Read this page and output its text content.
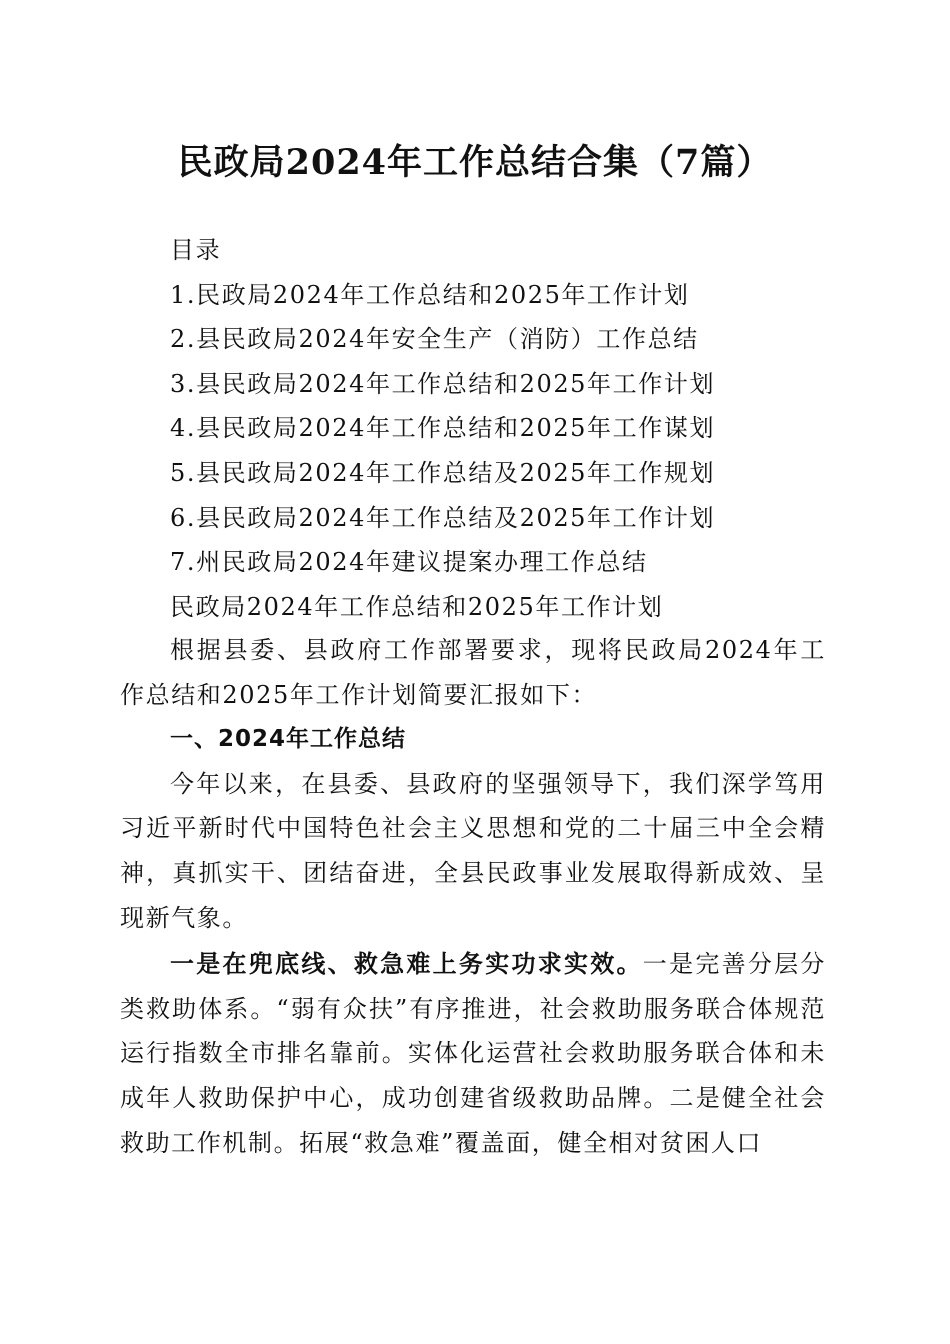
民政局2024年工作总结合集（7篇）
目录
1.民政局2024年工作总结和2025年工作计划
2.县民政局2024年安全生产（消防）工作总结
3.县民政局2024年工作总结和2025年工作计划
4.县民政局2024年工作总结和2025年工作谋划
5.县民政局2024年工作总结及2025年工作规划
6.县民政局2024年工作总结及2025年工作计划
7.州民政局2024年建议提案办理工作总结
民政局2024年工作总结和2025年工作计划

根据县委、县政府工作部署要求，现将民政局2024年工作总结和2025年工作计划简要汇报如下：

一、2024年工作总结

今年以来，在县委、县政府的坚强领导下，我们深学笃用习近平新时代中国特色社会主义思想和党的二十届三中全会精神，真抓实干、团结奋进，全县民政事业发展取得新成效、呈现新气象。

一是在兜底线、救急难上务实功求实效。一是完善分层分类救助体系。“弱有众扶”有序推进，社会救助服务联合体规范运行指数全市排名靠前。实体化运营社会救助服务联合体和未成年人救助保护中心，成功创建省级救助品牌。二是健全社会救助工作机制。拓展“救急难”覆盖面，健全相对贫困人口
